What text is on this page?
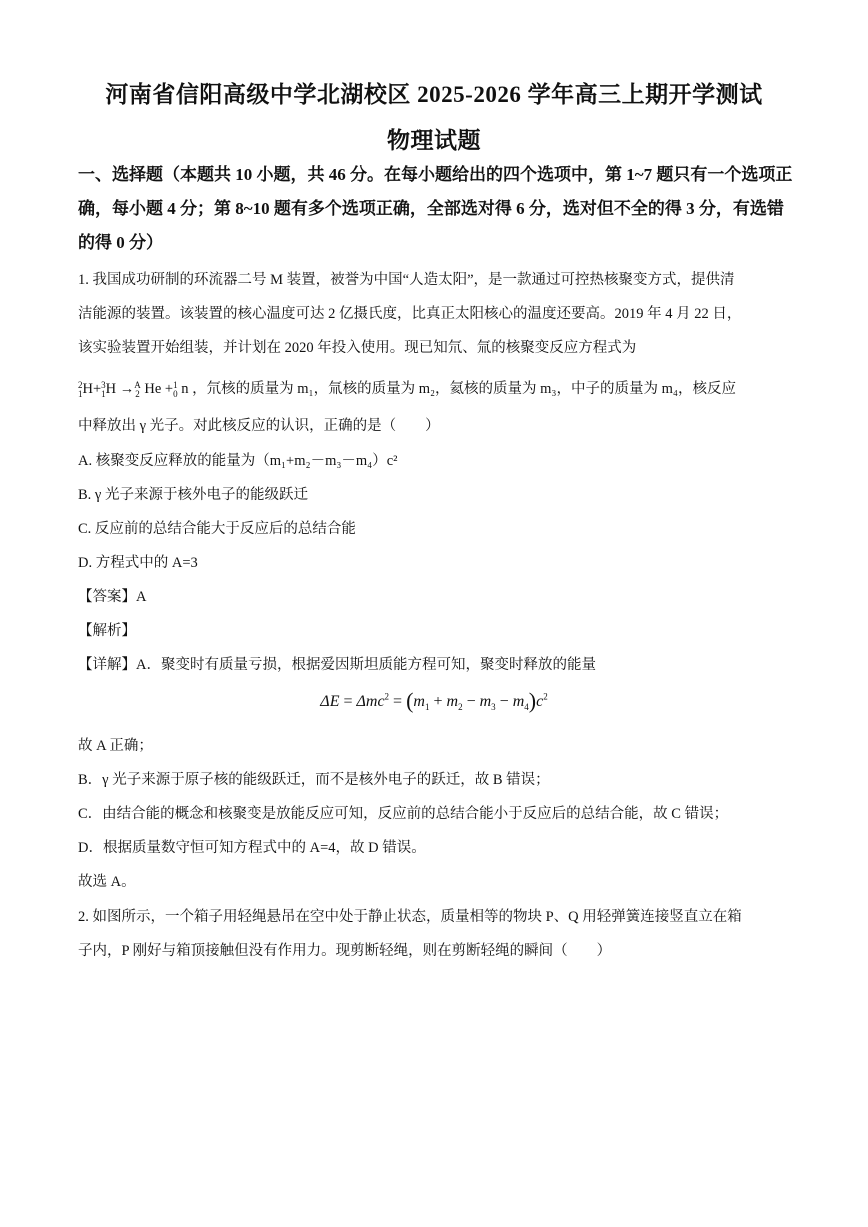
河南省信阳高级中学北湖校区 2025-2026 学年高三上期开学测试
物理试题
一、选择题（本题共 10 小题，共 46 分。在每小题给出的四个选项中，第 1~7 题只有一个选项正确，每小题 4 分；第 8~10 题有多个选项正确，全部选对得 6 分，选对但不全的得 3 分，有选错的得 0 分）
1. 我国成功研制的环流器二号 M 装置，被誉为中国“人造太阳”，是一款通过可控热核聚变方式，提供清
洁能源的装置。该装置的核心温度可达 2 亿摄氏度，比真正太阳核心的温度还要高。2019 年 4 月 22 日，
该实验装置开始组装，并计划在 2020 年投入使用。现已知氘、氚的核聚变反应方程式为
2
1 H+ 3
1 H → A
2 He + 1
0 n ，氘核的质量为 m₁，氚核的质量为 m₂，氦核的质量为 m₃，中子的质量为 m₄，核反应
中释放出 γ 光子。对此核反应的认识，正确的是（　　）
A. 核聚变反应释放的能量为（m₁+m₂－m₃－m₄）c²
B. γ 光子来源于核外电子的能级跃迁
C. 反应前的总结合能大于反应后的总结合能
D. 方程式中的 A=3
【答案】A
【解析】
【详解】A．聚变时有质量亏损，根据爱因斯坦质能方程可知，聚变时释放的能量
$\Delta E = \Delta mc^2 = (m_1 + m_2 - m_3 - m_4)c^2$
故 A 正确；
B．γ 光子来源于原子核的能级跃迁，而不是核外电子的跃迁，故 B 错误；
C．由结合能的概念和核聚变是放能反应可知，反应前的总结合能小于反应后的总结合能，故 C 错误；
D．根据质量数守恒可知方程式中的 A=4，故 D 错误。
故选 A。
2. 如图所示，一个箱子用轻绳悬吊在空中处于静止状态，质量相等的物块 P、Q 用轻弹簧连接竖直立在箱
子内，P 刚好与箱顶接触但没有作用力。现剪断轻绳，则在剪断轻绳的瞬间（　　）
